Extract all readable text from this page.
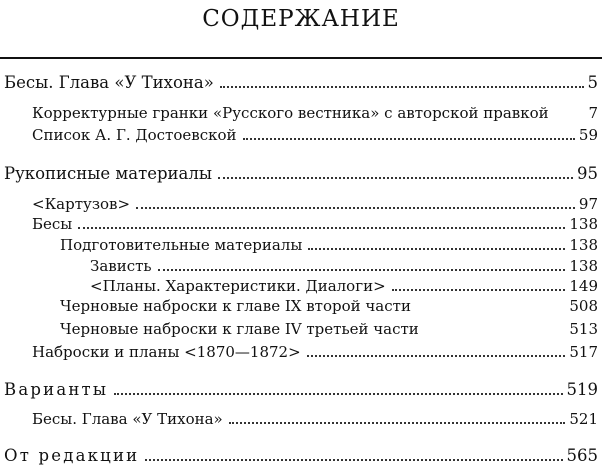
СОДЕРЖАНИЕ
Бесы. Глава «У Тихона»	5
Корректурные гранки «Русского вестника» с авторской правкой	7
Список А. Г. Достоевской	59
Рукописные материалы	95
<Картузов>	97
Бесы	138
Подготовительные материалы	138
Зависть	138
<Планы. Характеристики. Диалоги>	149
Черновые наброски к главе IX второй части	508
Черновые наброски к главе IV третьей части	513
Наброски и планы <1870—1872>	517
Варианты	519
Бесы. Глава «У Тихона»	521
От редакции	565
